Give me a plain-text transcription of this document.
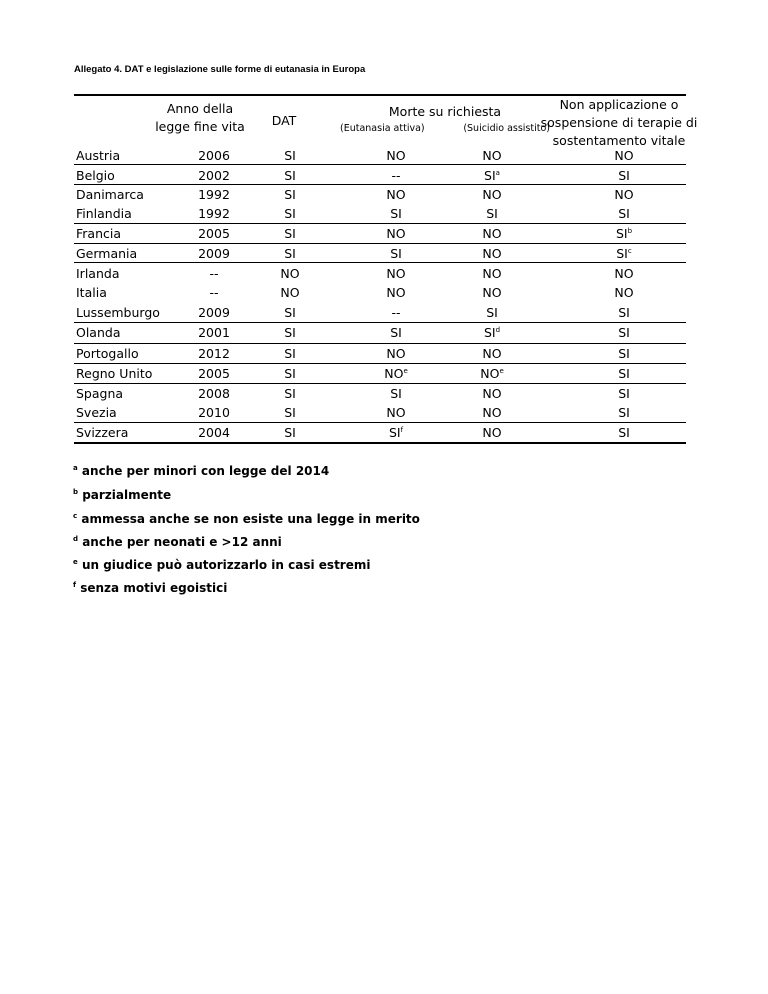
Allegato 4. DAT e legislazione sulle forme di eutanasia in Europa
Anno della
legge fine vita	DAT
Morte su richiesta
(Eutanasia attiva)	(Suicidio assistito)
Non applicazione o
sospensione di terapie di
sostentamento vitale
Austria	2006	SI	NO	NO	NO
Belgio	2002	SI	--	$SI^a$	SI
Danimarca	1992	SI	NO	NO	NO
Finlandia	1992	SI	SI	SI	SI
Francia	2005	SI	NO	NO	$SI^b$
Germania	2009	SI	SI	NO	$SI^c$
Irlanda	--	NO	NO	NO	NO
Italia	--	NO	NO	NO	NO
Lussemburgo	2009	SI	--	SI	SI
Olanda	2001	SI	SI	$SI^d$	SI
Portogallo	2012	SI	NO	NO	SI
Regno Unito	2005	SI	$NO^e$	$NO^e$	SI
Spagna	2008	SI	SI	NO	SI
Svezia	2010	SI	NO	NO	SI
Svizzera	2004	SI	$SI^f$	NO	SI
$^a$ anche per minori con legge del 2014
$^b$ parzialmente
$^c$ ammessa anche se non esiste una legge in merito
$^d$ anche per neonati e >12 anni
$^e$ un giudice può autorizzarlo in casi estremi
$^f$ senza motivi egoistici
